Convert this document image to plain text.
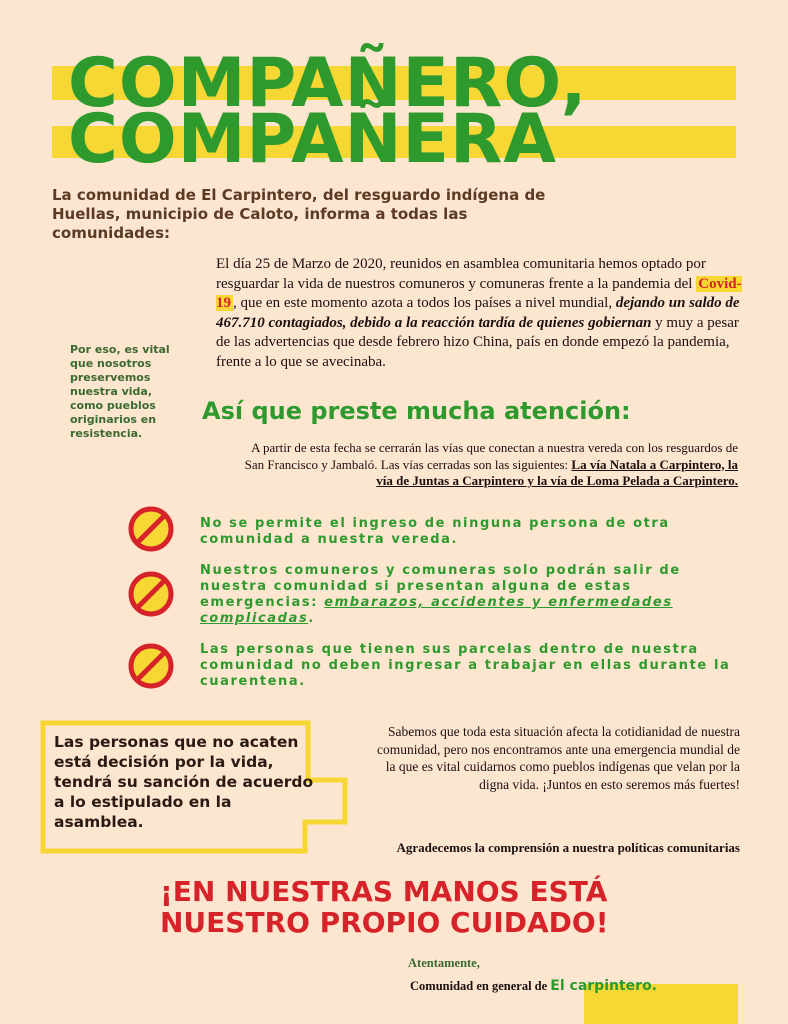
COMPAÑERO,
COMPAÑERA
La comunidad de El Carpintero, del resguardo indígena de Huellas, municipio de Caloto, informa a todas las comunidades:
El día 25 de Marzo de 2020, reunidos en asamblea comunitaria hemos optado por resguardar la vida de nuestros comuneros y comuneras frente a la pandemia del Covid-19 , que en este momento azota a todos los países a nivel mundial, dejando un saldo de 467.710 contagiados, debido a la reacción tardía de quienes gobiernan y muy a pesar de las advertencias que desde febrero hizo China, país en donde empezó la pandemia, frente a lo que se avecinaba.
Por eso, es vital que nosotros preservemos nuestra vida, como pueblos originarios en resistencia.
Así que preste mucha atención:
A partir de esta fecha se cerrarán las vías que conectan a nuestra vereda con los resguardos de San Francisco y Jambaló. Las vías cerradas son las siguientes: La vía Natala a Carpintero, la vía de Juntas a Carpintero y la vía de Loma Pelada a Carpintero.
No se permite el ingreso de ninguna persona de otra comunidad a nuestra vereda.
Nuestros comuneros y comuneras solo podrán salir de nuestra comunidad si presentan alguna de estas emergencias: embarazos, accidentes y enfermedades complicadas.
Las personas que tienen sus parcelas dentro de nuestra comunidad no deben ingresar a trabajar en ellas durante la cuarentena.
Las personas que no acaten está decisión por la vida, tendrá su sanción de acuerdo a lo estipulado en la asamblea.
Sabemos que toda esta situación afecta la cotidianidad de nuestra comunidad, pero nos encontramos ante una emergencia mundial de la que es vital cuidarnos como pueblos indígenas que velan por la digna vida. ¡Juntos en esto seremos más fuertes!
Agradecemos la comprensión a nuestra políticas comunitarias
¡EN NUESTRAS MANOS ESTÁ NUESTRO PROPIO CUIDADO!
Atentamente,
Comunidad en general de El carpintero.
